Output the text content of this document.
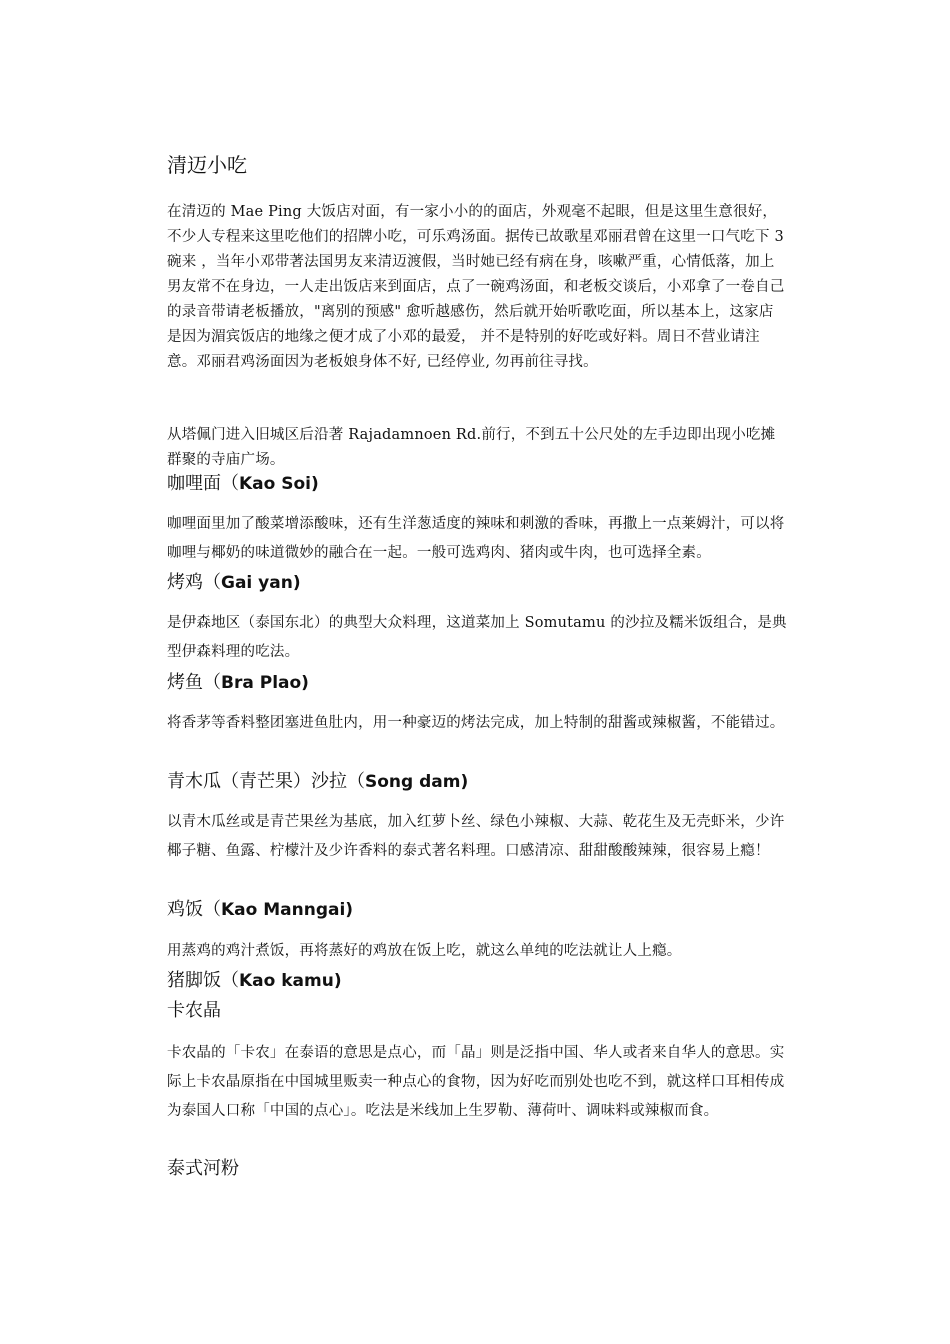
清迈小吃
在清迈的 Mae Ping 大饭店对面，有一家小小的的面店，外观毫不起眼，但是这里生意很好， 不少人专程来这里吃他们的招牌小吃，可乐鸡汤面。据传已故歌星邓丽君曾在这里一口气吃下 3 碗来 ，当年小邓带著法国男友来清迈渡假，当时她已经有病在身，咳嗽严重，心情低落，加上男友常不在身边，一人走出饭店来到面店，点了一碗鸡汤面，和老板交谈后，小邓拿了一卷自己的录音带请老板播放，"离别的预感" 愈听越感伤，然后就开始听歌吃面，所以基本上，这家店是因为湄宾饭店的地缘之便才成了小邓的最爱， 并不是特别的好吃或好料。周日不营业请注意。邓丽君鸡汤面因为老板娘身体不好, 已经停业, 勿再前往寻找。
从塔佩门进入旧城区后沿著 Rajadamnoen Rd.前行，不到五十公尺处的左手边即出现小吃摊群聚的寺庙广场。
咖哩面（Kao Soi)
咖哩面里加了酸菜增添酸味，还有生洋葱适度的辣味和刺激的香味，再撒上一点莱姆汁，可以将咖哩与椰奶的味道微妙的融合在一起。一般可选鸡肉、猪肉或牛肉，也可选择全素。
烤鸡（Gai yan)
是伊森地区（泰国东北）的典型大众料理，这道菜加上 Somutamu 的沙拉及糯米饭组合，是典型伊森料理的吃法。
烤鱼（Bra Plao)
将香茅等香料整团塞进鱼肚内，用一种豪迈的烤法完成，加上特制的甜酱或辣椒酱，不能错过。
青木瓜（青芒果）沙拉（Song dam)
以青木瓜丝或是青芒果丝为基底，加入红萝卜丝、绿色小辣椒、大蒜、乾花生及无壳虾米，少许椰子糖、鱼露、柠檬汁及少许香料的泰式著名料理。口感清凉、甜甜酸酸辣辣，很容易上瘾！
鸡饭（Kao Manngai)
用蒸鸡的鸡汁煮饭，再将蒸好的鸡放在饭上吃，就这么单纯的吃法就让人上瘾。
猪脚饭（Kao kamu)
卡农晶
卡农晶的「卡农」在泰语的意思是点心，而「晶」则是泛指中国、华人或者来自华人的意思。实际上卡农晶原指在中国城里贩卖一种点心的食物，因为好吃而别处也吃不到，就这样口耳相传成为泰国人口称「中国的点心」。吃法是米线加上生罗勒、薄荷叶、调味料或辣椒而食。
泰式河粉
